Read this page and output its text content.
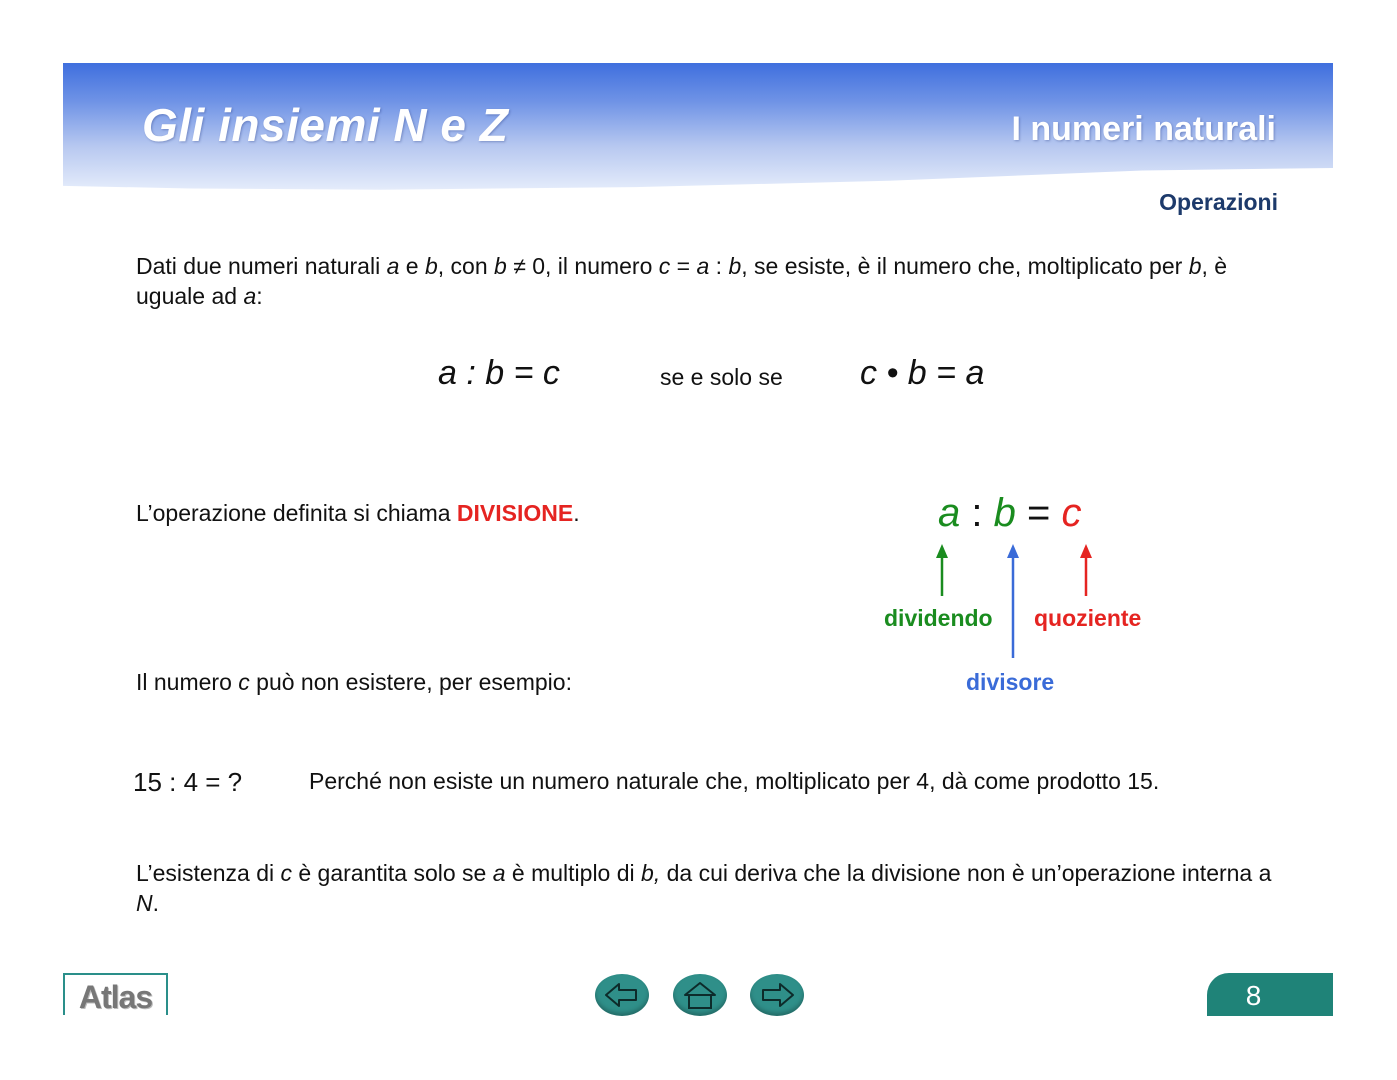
Gli insiemi N e Z	I numeri naturali
Operazioni
Dati due numeri naturali a e b, con b ≠ 0, il numero c = a : b, se esiste, è il numero che, moltiplicato per b, è uguale ad a:
a : b = c	se e solo se c • b = a
L’operazione definita si chiama DIVISIONE.	a : b = c
dividendo quoziente
divisore
Il numero c può non esistere, per esempio:
15 : 4 = ?	Perché non esiste un numero naturale che, moltiplicato per 4, dà come prodotto 15.
L’esistenza di c è garantita solo se a è multiplo di b, da cui deriva che la divisione non è un’operazione interna a N.
Atlas	8
